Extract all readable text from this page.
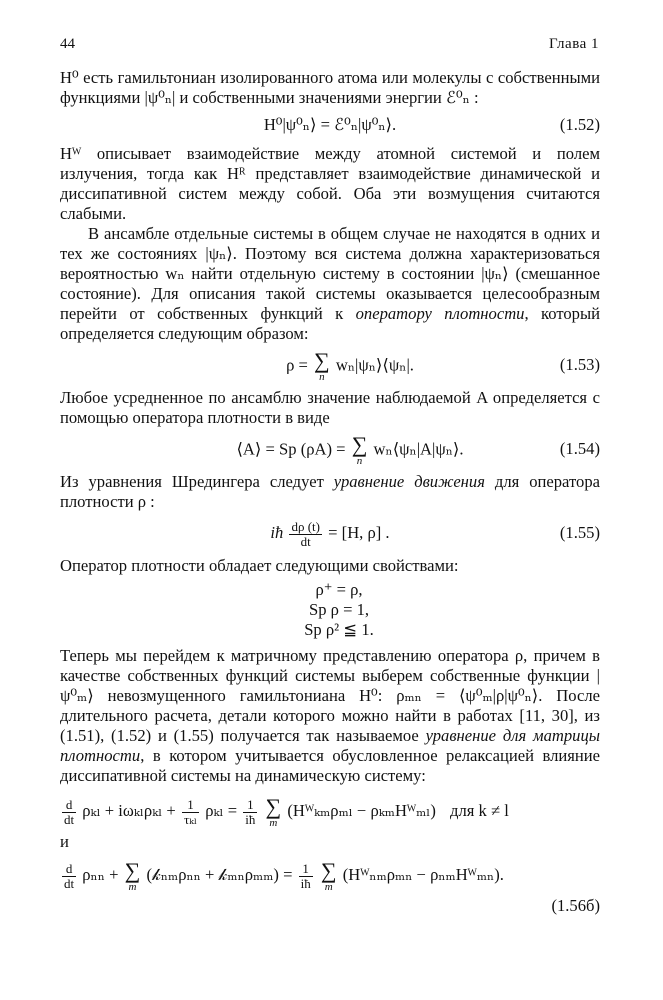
44	Глава 1

H⁰ есть гамильтониан изолированного атома или молекулы с собственными функциями |ψ⁰ₙ| и собственными значениями энергии ℰ⁰ₙ :

H⁰|ψ⁰ₙ⟩ = ℰ⁰ₙ|ψ⁰ₙ⟩.	(1.52)

Hᵂ описывает взаимодействие между атомной системой и полем излучения, тогда как Hᴿ представляет взаимодействие динамической и диссипативной систем между собой. Оба эти возмущения считаются слабыми.

В ансамбле отдельные системы в общем случае не находятся в одних и тех же состояниях |ψₙ⟩. Поэтому вся система должна характеризоваться вероятностью wₙ найти отдельную систему в состоянии |ψₙ⟩ (смешанное состояние). Для описания такой системы оказывается целесообразным перейти от собственных функций к оператору плотности, который определяется следующим образом:

ρ = ∑
n
wₙ|ψₙ⟩⟨ψₙ|.	(1.53)

Любое усредненное по ансамблю значение наблюдаемой A определяется с помощью оператора плотности в виде

⟨A⟩ = Sp (ρA) = ∑
n
wₙ⟨ψₙ|A|ψₙ⟩.	(1.54)

Из уравнения Шредингера следует уравнение движения для оператора плотности ρ :

iħ $\frac{d\rho (t)}{dt} = [H$, ρ] .	(1.55)

Оператор плотности обладает следующими свойствами:

ρ⁺ = ρ,
Sp ρ = 1,
Sp ρ² ≦ 1.

Теперь мы перейдем к матричному представлению оператора ρ, причем в качестве собственных функций системы выберем собственные функции |ψ⁰ₘ⟩ невозмущенного гамильтониана H⁰: ρₘₙ = ⟨ψ⁰ₘ|ρ|ψ⁰ₙ⟩. После длительного расчета, детали которого можно найти в работах [11, 30], из (1.51), (1.52) и (1.55) получается так называемое уравнение для матрицы плотности, в котором учитывается обусловленное релаксацией влияние диссипативной системы на динамическую систему:

$\frac{d}{dt}$ $\rho_{kl} + i\omega_{kl}\rho_{kl} + \frac{1}{\text{τₖₗ}}$ $\rho_{kl} = \frac{1}{iħ}$
∑
m
(Hᵂₖₘρₘₗ − ρₖₘHᵂₘₗ) для k ≠ l
и
$\frac{d}{dt}$ ρₙₙ + ∑
m
(𝓀ₙₘρₙₙ + 𝓀ₘₙρₘₘ) = $\frac{1}{iħ}$
∑
m
(Hᵂₙₘρₘₙ − ρₙₘHᵂₘₙ).
(1.56б)
